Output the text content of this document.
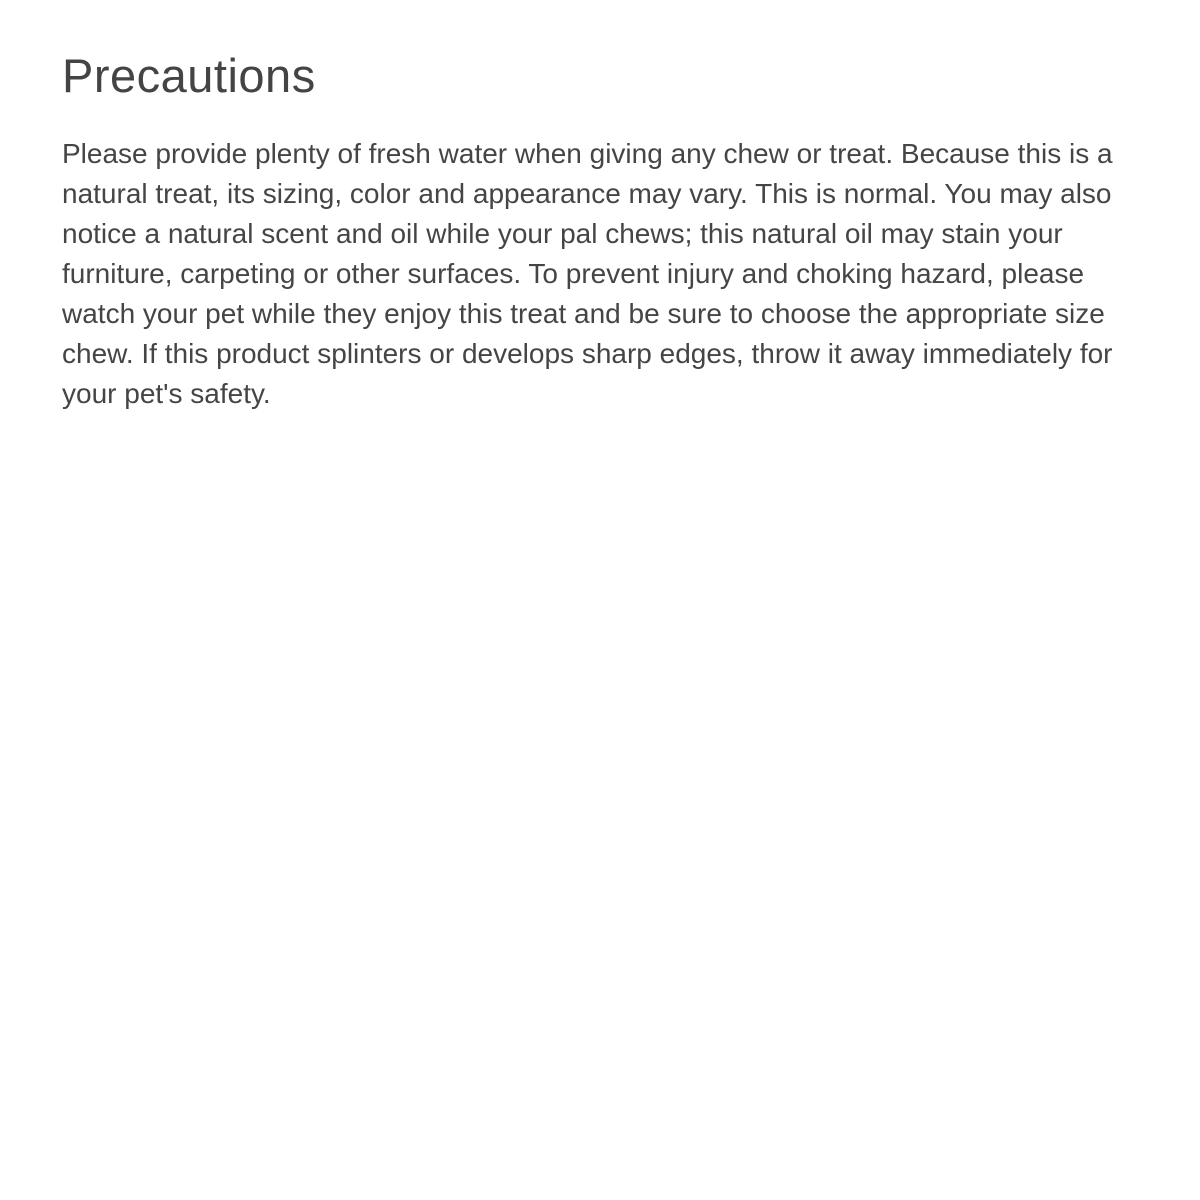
Precautions

Please provide plenty of fresh water when giving any chew or treat. Because this is a natural treat, its sizing, color and appearance may vary. This is normal. You may also notice a natural scent and oil while your pal chews; this natural oil may stain your furniture, carpeting or other surfaces. To prevent injury and choking hazard, please watch your pet while they enjoy this treat and be sure to choose the appropriate size chew. If this product splinters or develops sharp edges, throw it away immediately for your pet's safety.
